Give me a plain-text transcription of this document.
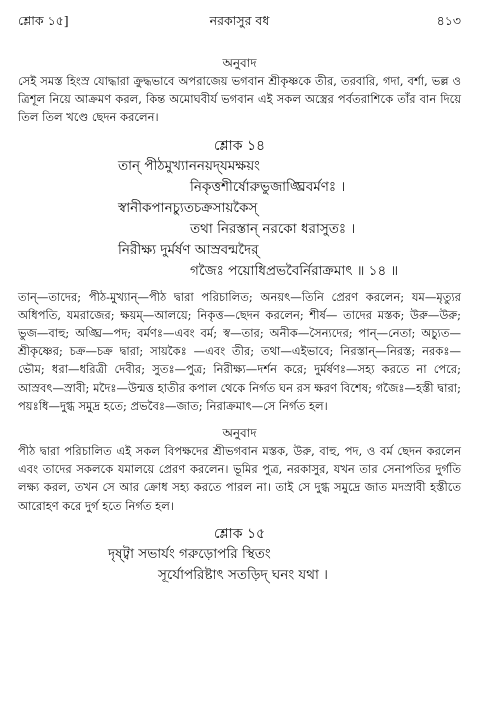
শ্লোক ১৫]	নরকাসুর বধ	৪১৩

অনুবাদ

সেই সমস্ত হিংস্র যোদ্ধারা ক্রুদ্ধভাবে অপরাজেয় ভগবান শ্রীকৃষ্ণকে তীর, তরবারি, গদা, বর্শা, ভল্ল ও ত্রিশূল নিয়ে আক্রমণ করল, কিন্ত অমোঘবীর্য ভগবান এই সকল অস্ত্রের পর্বতরাশিকে তাঁর বান দিয়ে তিল তিল খণ্ডে ছেদন করলেন।

শ্লোক ১৪

তান্ পীঠমুখ্যাননয়দ্‌যমক্ষয়ং

নিকৃত্তশীর্ষোরুভুজাঙ্ঘ্রিবর্মণঃ ।

স্বানীকপানচ্যুতচক্রসায়কৈস্

তথা নিরস্তান্ নরকো ধরাসুতঃ ।

নিরীক্ষ্য দুর্মর্ষণ আস্রবন্মদৈর্

গজৈঃ পয়োধিপ্রভবৈর্নিরাক্রমাৎ ॥ ১৪ ॥

তান্—তাদের; পীঠ-মুখ্যান্—পীঠ দ্বারা পরিচালিত; অনয়ৎ—তিনি প্রেরণ করলেন; যম—মৃত্যুর অধিপতি, যমরাজের; ক্ষয়ম্—আলয়ে; নিকৃত্ত—ছেদন করলেন; শীর্ষ— তাদের মস্তক; উরু—উরু; ভুজ—বাহু; অঙ্ঘ্রি—পদ; বর্মণঃ—এবং বর্ম; স্ব—তার; অনীক—সৈন্যদের; পান্—নেতা; অচ্যুত—শ্রীকৃষ্ণের; চক্র—চক্র দ্বারা; সায়কৈঃ —এবং তীর; তথা—এইভাবে; নিরস্তান্—নিরস্ত; নরকঃ—ভৌম; ধরা—ধরিত্রী দেবীর; সুতঃ—পুত্র; নিরীক্ষ্য—দর্শন করে; দুর্মর্ষণঃ—সহ্য করতে না পেরে; আস্রবৎ—স্রাবী; মদৈঃ—উন্মত্ত হাতীর কপাল থেকে নির্গত ঘন রস ক্ষরণ বিশেষ; গজৈঃ—হস্তী দ্বারা; পয়ঃধি—দুগ্ধ সমুদ্র হতে; প্রভবৈঃ—জাত; নিরাক্রমাৎ—সে নির্গত হল।

অনুবাদ

পীঠ দ্বারা পরিচালিত এই সকল বিপক্ষদের শ্রীভগবান মস্তক, উরু, বাহু, পদ, ও বর্ম ছেদন করলেন এবং তাদের সকলকে যমালয়ে প্রেরণ করলেন। ভূমির পুত্র, নরকাসুর, যখন তার সেনাপতির দুর্গতি লক্ষ্য করল, তখন সে আর ক্রোধ সহ্য করতে পারল না। তাই সে দুগ্ধ সমুদ্রে জাত মদস্রাবী হস্তীতে আরোহণ করে দুর্গ হতে নির্গত হল।

শ্লোক ১৫

দৃষ্ট্বা সভার্যং গরুড়োপরি স্থিতং

সূর্যোপরিষ্টাৎ সতড়িদ্ ঘনং যথা ।
